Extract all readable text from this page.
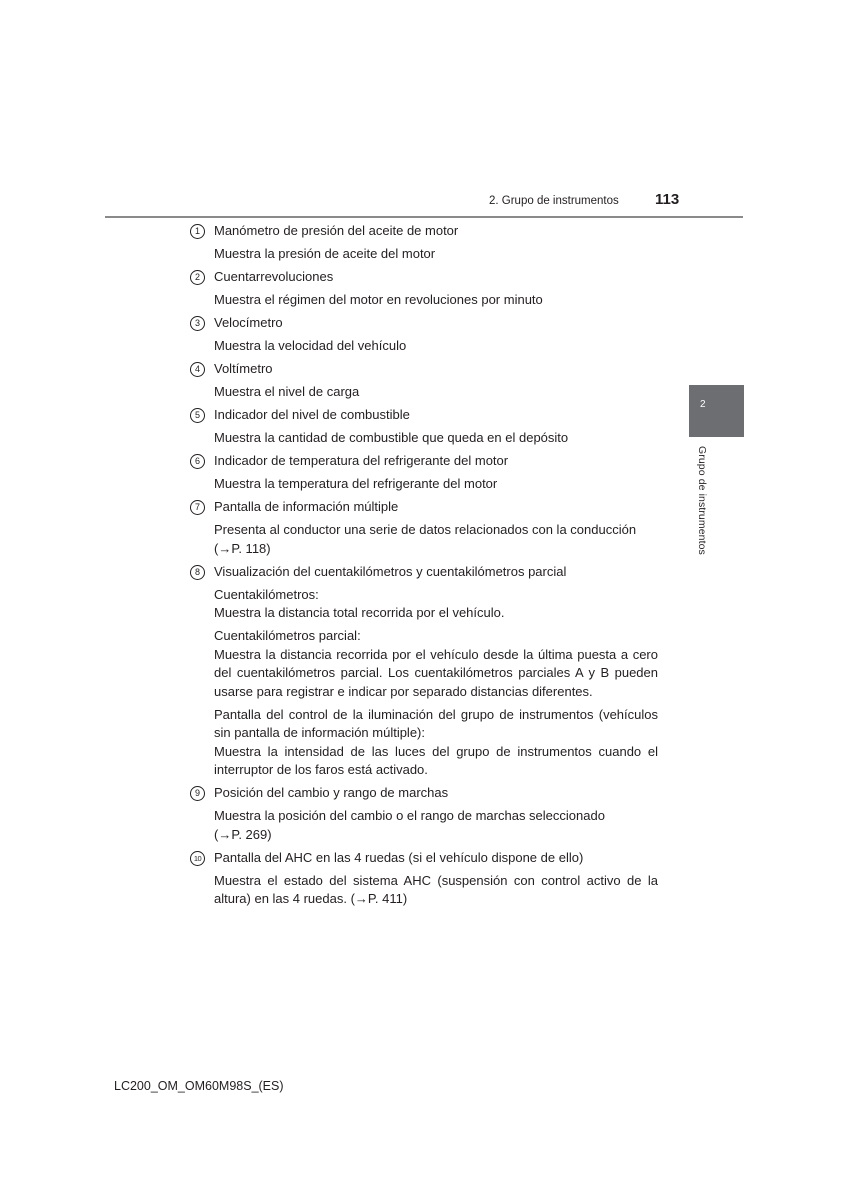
2. Grupo de instrumentos 113
2
Grupo de instrumentos
1	Manómetro de presión del aceite de motor
Muestra la presión de aceite del motor
2	Cuentarrevoluciones
Muestra el régimen del motor en revoluciones por minuto
3	Velocímetro
Muestra la velocidad del vehículo
4	Voltímetro
Muestra el nivel de carga
5	Indicador del nivel de combustible
Muestra la cantidad de combustible que queda en el depósito
6	Indicador de temperatura del refrigerante del motor
Muestra la temperatura del refrigerante del motor
7	Pantalla de información múltiple
Presenta al conductor una serie de datos relacionados con la conducción
(→P. 118)
8	Visualización del cuentakilómetros y cuentakilómetros parcial
Cuentakilómetros:
Muestra la distancia total recorrida por el vehículo.
Cuentakilómetros parcial:
Muestra la distancia recorrida por el vehículo desde la última puesta a cero del cuentakilómetros parcial. Los cuentakilómetros parciales A y B pueden usarse para registrar e indicar por separado distancias diferentes.
Pantalla del control de la iluminación del grupo de instrumentos (vehículos sin pantalla de información múltiple):
Muestra la intensidad de las luces del grupo de instrumentos cuando el interruptor de los faros está activado.
9	Posición del cambio y rango de marchas
Muestra la posición del cambio o el rango de marchas seleccionado
(→P. 269)
10 Pantalla del AHC en las 4 ruedas (si el vehículo dispone de ello)
Muestra el estado del sistema AHC (suspensión con control activo de la altura) en las 4 ruedas. (→P. 411)
LC200_OM_OM60M98S_(ES)
